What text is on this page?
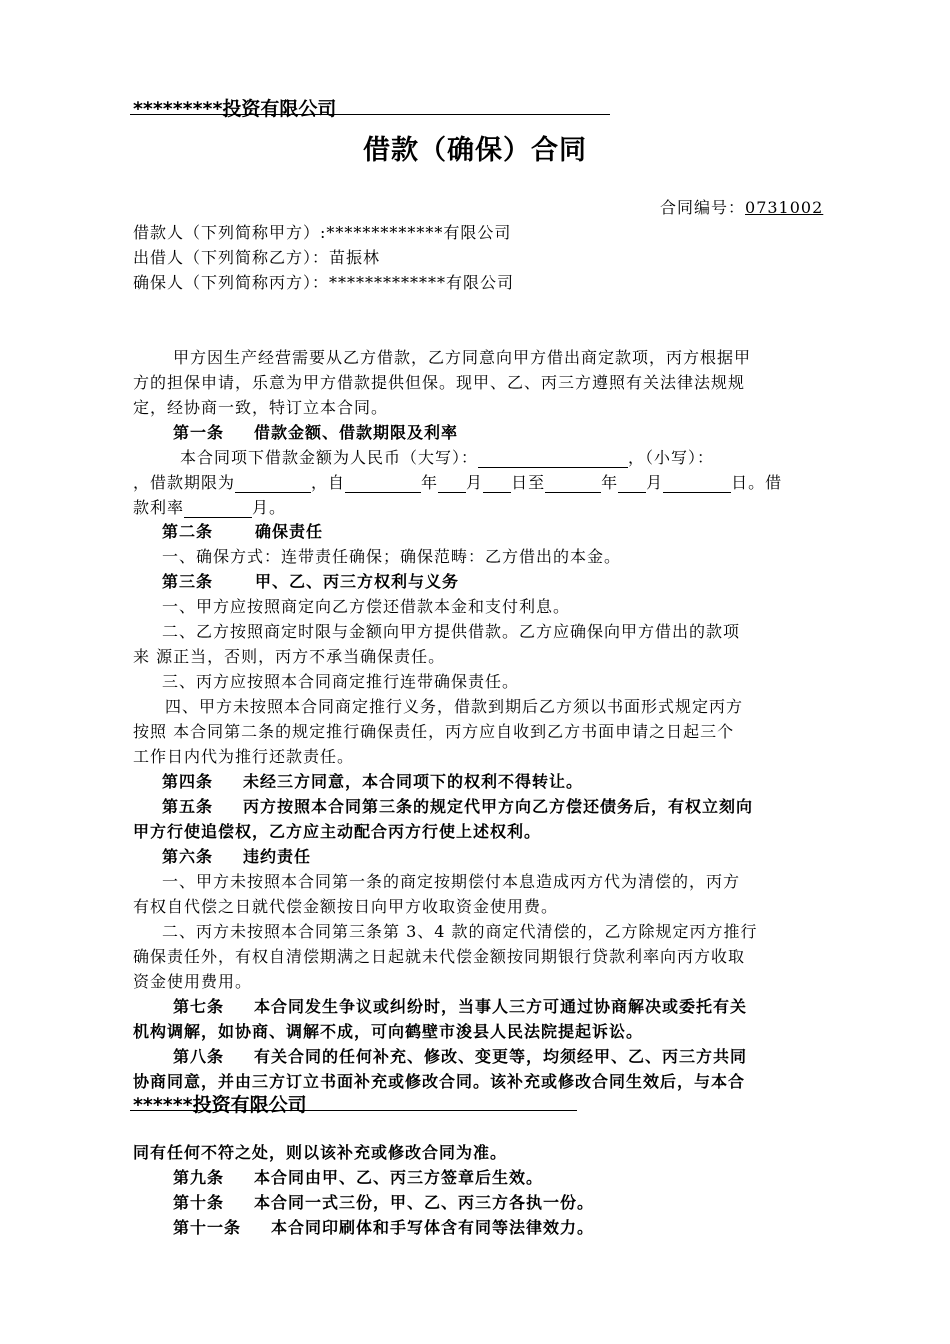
*********投资有限公司
借款（确保）合同
合同编号：0731002
借款人（下列简称甲方）:*************有限公司
出借人（下列简称乙方）：苗振林
确保人（下列简称丙方）：*************有限公司
甲方因生产经营需要从乙方借款，乙方同意向甲方借出商定款项，丙方根据甲
方的担保申请，乐意为甲方借款提供但保。现甲、乙、丙三方遵照有关法律法规规
定，经协商一致，特订立本合同。
第一条 借款金额、借款期限及利率
本合同项下借款金额为人民币（大写）：	，（小写）：
，借款期限为	，自	年 月 日至	年 月	日。借
款利率	月。
第二条	确保责任
一、确保方式：连带责任确保；确保范畴：乙方借出的本金。
第三条	甲、乙、丙三方权利与义务
一、甲方应按照商定向乙方偿还借款本金和支付利息。
二、乙方按照商定时限与金额向甲方提供借款。乙方应确保向甲方借出的款项
来 源正当，否则，丙方不承当确保责任。
三、丙方应按照本合同商定推行连带确保责任。
四、甲方未按照本合同商定推行义务，借款到期后乙方须以书面形式规定丙方
按照 本合同第二条的规定推行确保责任，丙方应自收到乙方书面申请之日起三个
工作日内代为推行还款责任。
第四条 未经三方同意，本合同项下的权利不得转让。
第五条 丙方按照本合同第三条的规定代甲方向乙方偿还债务后，有权立刻向
甲方行使追偿权，乙方应主动配合丙方行使上述权利。
第六条 违约责任
一、甲方未按照本合同第一条的商定按期偿付本息造成丙方代为清偿的，丙方
有权自代偿之日就代偿金额按日向甲方收取资金使用费。
二、丙方未按照本合同第三条第 3、4 款的商定代清偿的，乙方除规定丙方推行
确保责任外，有权自清偿期满之日起就未代偿金额按同期银行贷款利率向丙方收取
资金使用费用。
第七条 本合同发生争议或纠纷时，当事人三方可通过协商解决或委托有关
机构调解，如协商、调解不成，可向鹤壁市浚县人民法院提起诉讼。
第八条 有关合同的任何补充、修改、变更等，均须经甲、乙、丙三方共同
协商同意，并由三方订立书面补充或修改合同。该补充或修改合同生效后，与本合
******投资有限公司
同有任何不符之处，则以该补充或修改合同为准。
第九条 本合同由甲、乙、丙三方签章后生效。
第十条 本合同一式三份，甲、乙、丙三方各执一份。
第十一条 本合同印刷体和手写体含有同等法律效力。
